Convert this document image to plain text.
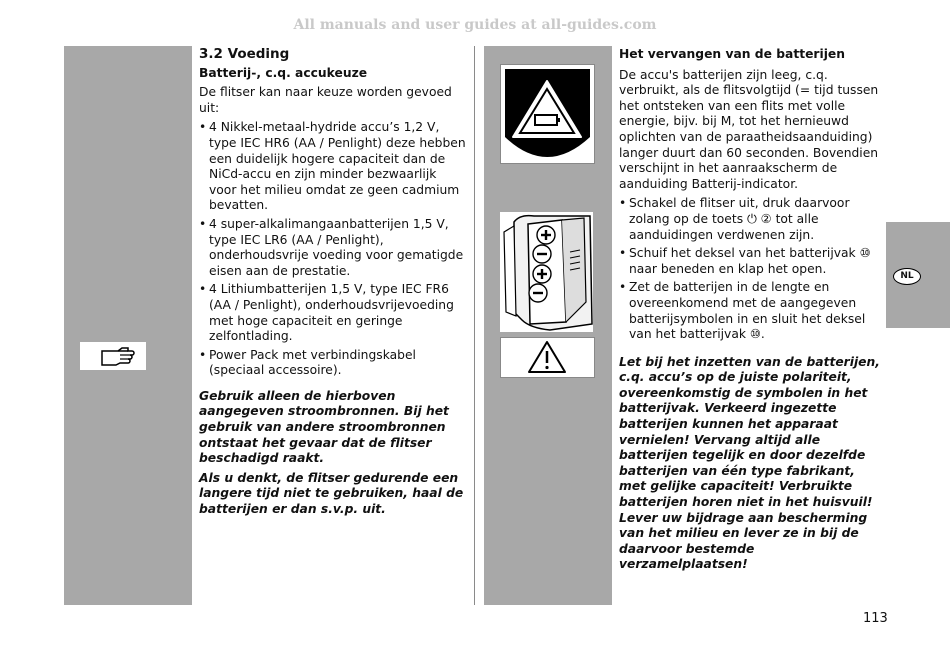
All manuals and user guides at all-guides.com
3.2 Voeding
Batterij-, c.q. accukeuze

De flitser kan naar keuze worden gevoed uit:

• 4 Nikkel-metaal-hydride accu’s 1,2 V, type IEC HR6 (AA / Penlight) deze hebben een duidelijk hogere capaciteit dan de NiCd-accu en zijn minder bezwaarlijk voor het milieu omdat ze geen cadmium bevatten.
• 4 super-alkalimangaanbatterijen 1,5 V, type IEC LR6 (AA / Penlight), onderhoudsvrije voeding voor gematigde eisen aan de prestatie.
• 4 Lithiumbatterijen 1,5 V, type IEC FR6 (AA / Penlight), onderhoudsvrijevoeding met hoge capaciteit en geringe zelfontlading.
• Power Pack met verbindingskabel (speciaal accessoire).

Gebruik alleen de hierboven aangegeven stroombronnen. Bij het gebruik van andere stroombronnen ontstaat het gevaar dat de flitser beschadigd raakt.

Als u denkt, de flitser gedurende een langere tijd niet te gebruiken, haal de batterijen er dan s.v.p. uit.

Het vervangen van de batterijen

De accu's batterijen zijn leeg, c.q. verbruikt, als de flitsvolgtijd (= tijd tussen het ontsteken van een flits met volle energie, bijv. bij M, tot het hernieuwd oplichten van de paraatheidsaanduiding) langer duurt dan 60 seconden. Bovendien verschijnt in het aanraakscherm de aanduiding Batterij-indicator.

• Schakel de flitser uit, druk daarvoor zolang op de toets ⏻ ② tot alle aanduidingen verdwenen zijn.
• Schuif het deksel van het batterijvak ⑩ naar beneden en klap het open.
• Zet de batterijen in de lengte en overeenkomend met de aangegeven batterijsymbolen in en sluit het deksel van het batterijvak ⑩.

Let bij het inzetten van de batterijen, c.q. accu’s op de juiste polariteit, overeenkomstig de symbolen in het batterijvak. Verkeerd ingezette batterijen kunnen het apparaat vernielen! Vervang altijd alle batterijen tegelijk en door dezelfde batterijen van één type fabrikant, met gelijke capaciteit! Verbruikte batterijen horen niet in het huisvuil! Lever uw bijdrage aan bescherming van het milieu en lever ze in bij de daarvoor bestemde verzamelplaatsen!

NL
113
